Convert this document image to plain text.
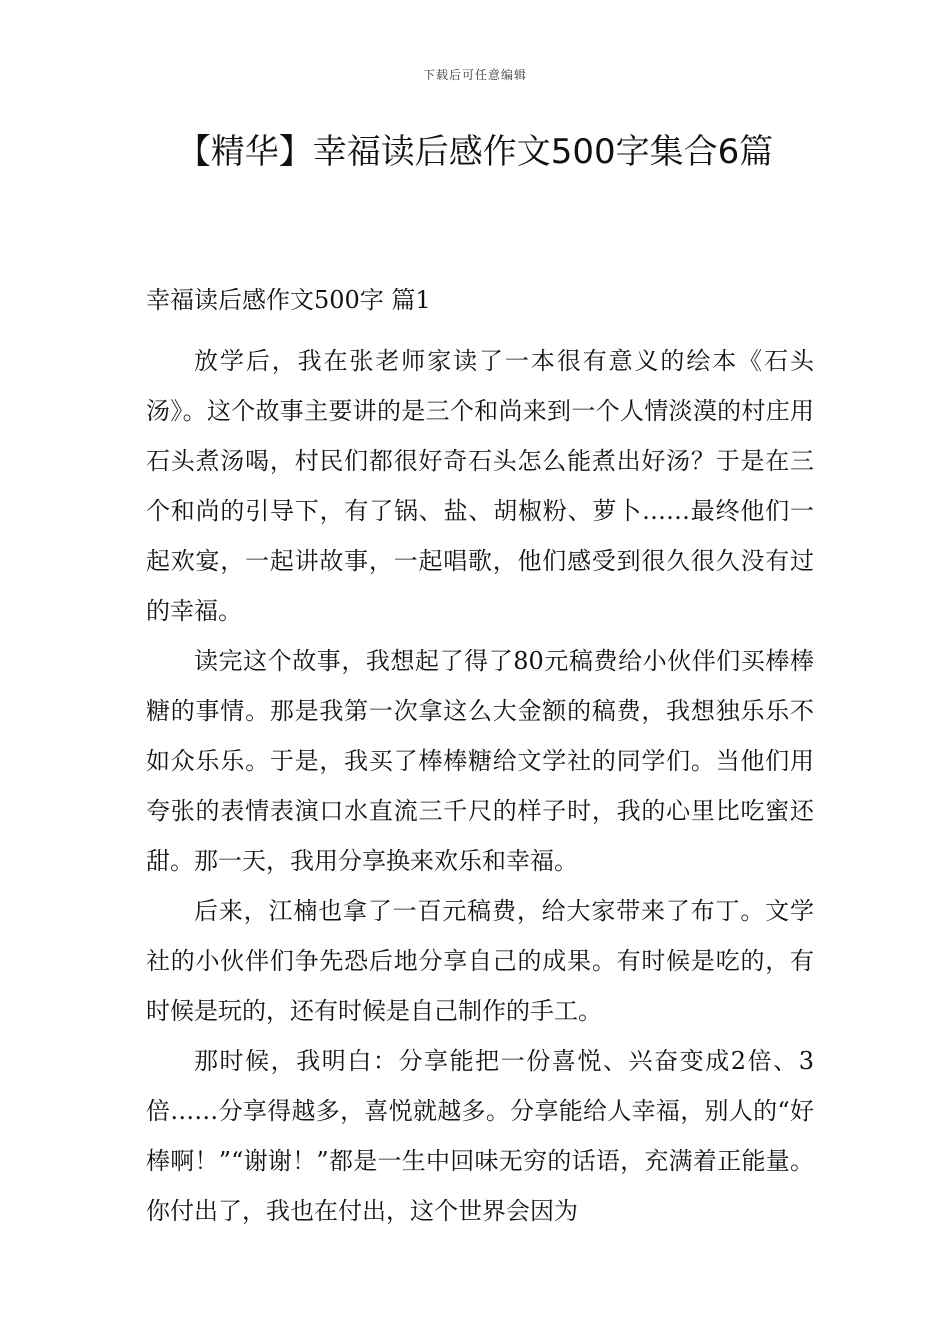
下载后可任意编辑
【精华】幸福读后感作文500字集合6篇
幸福读后感作文500字 篇1

放学后，我在张老师家读了一本很有意义的绘本《石头汤》。这个故事主要讲的是三个和尚来到一个人情淡漠的村庄用石头煮汤喝，村民们都很好奇石头怎么能煮出好汤？于是在三个和尚的引导下，有了锅、盐、胡椒粉、萝卜……最终他们一起欢宴，一起讲故事，一起唱歌，他们感受到很久很久没有过的幸福。

读完这个故事，我想起了得了80元稿费给小伙伴们买棒棒糖的事情。那是我第一次拿这么大金额的稿费，我想独乐乐不如众乐乐。于是，我买了棒棒糖给文学社的同学们。当他们用夸张的表情表演口水直流三千尺的样子时，我的心里比吃蜜还甜。那一天，我用分享换来欢乐和幸福。

后来，江楠也拿了一百元稿费，给大家带来了布丁。文学社的小伙伴们争先恐后地分享自己的成果。有时候是吃的，有时候是玩的，还有时候是自己制作的手工。

那时候，我明白：分享能把一份喜悦、兴奋变成2倍、3倍……分享得越多，喜悦就越多。分享能给人幸福，别人的“好棒啊！”“谢谢！”都是一生中回味无穷的话语，充满着正能量。你付出了，我也在付出，这个世界会因为
